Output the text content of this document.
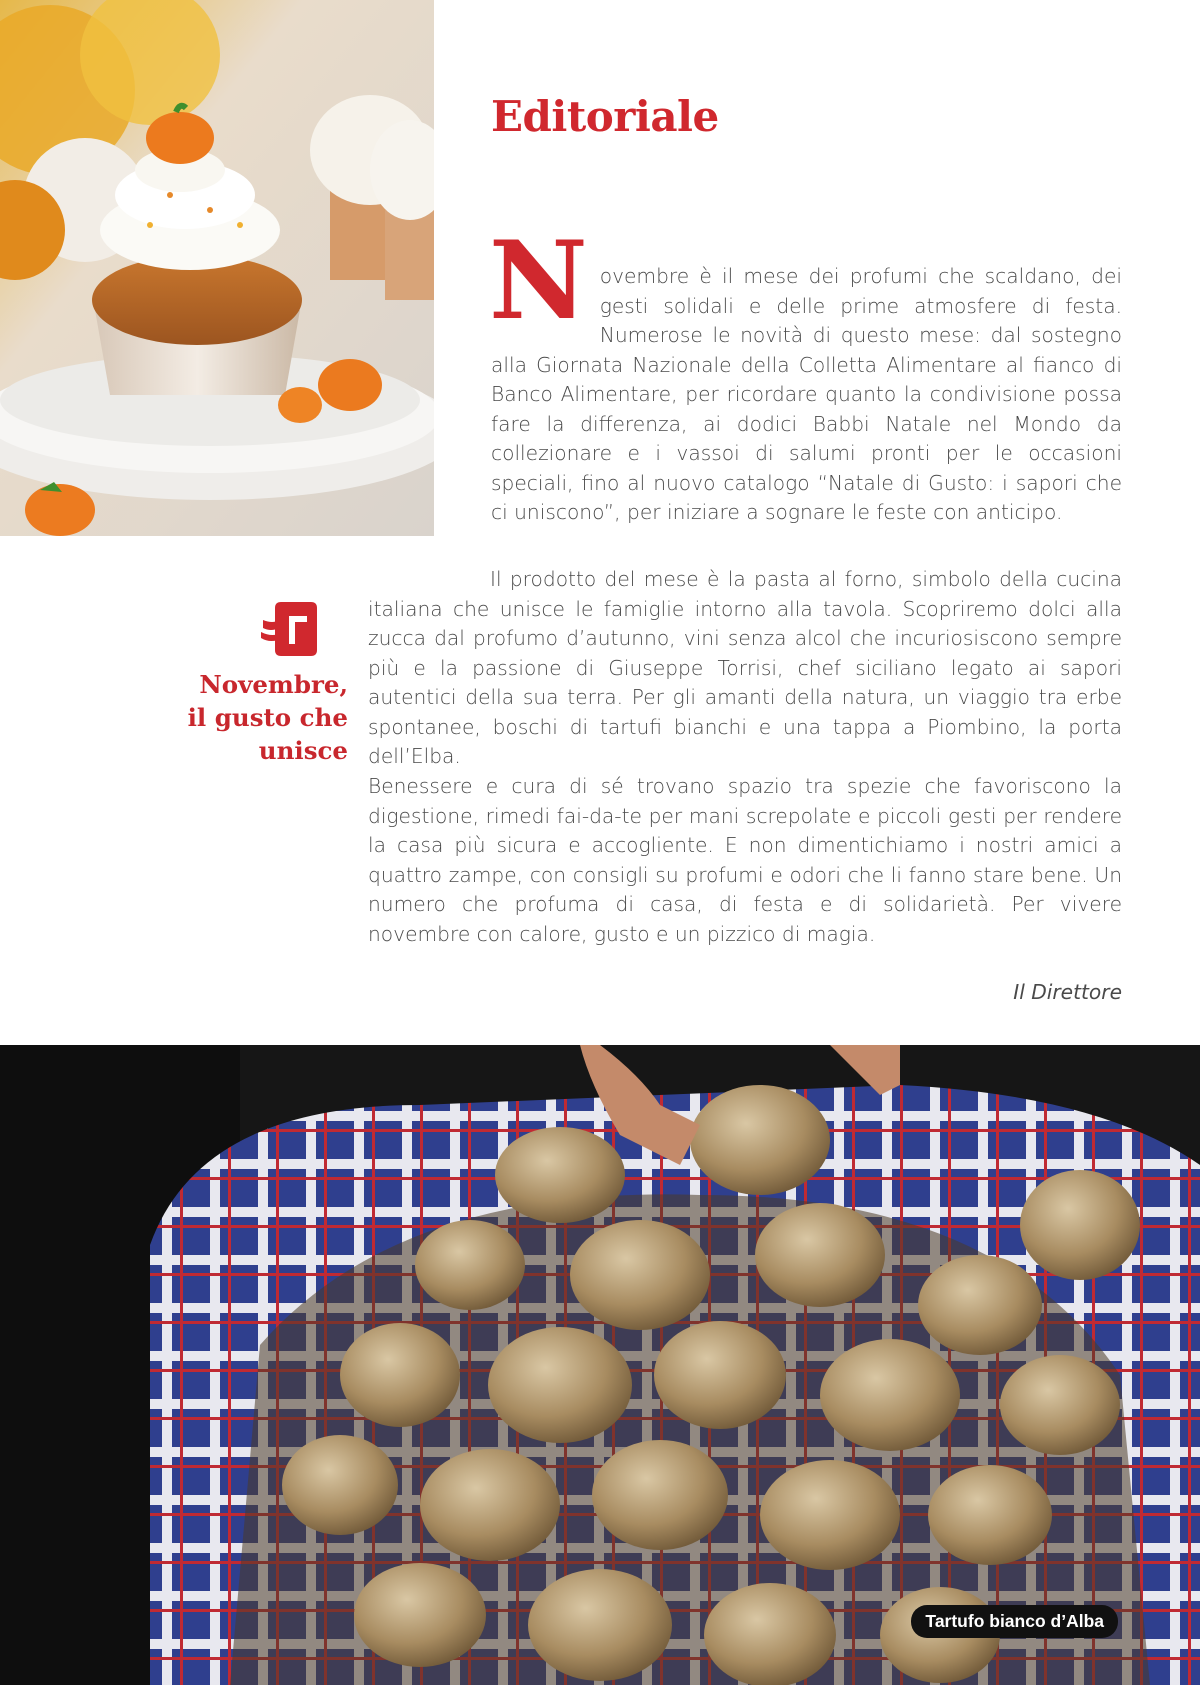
Editoriale

Novembre è il mese dei profumi che scaldano, dei gesti solidali e delle prime atmosfere di festa. Numerose le novità di questo mese: dal sostegno alla Giornata Nazionale della Colletta Alimentare al fianco di Banco Alimentare, per ricordare quanto la condivisione possa fare la differenza, ai dodici Babbi Natale nel Mondo da collezionare e i vassoi di salumi pronti per le occasioni speciali, fino al nuovo catalogo “Natale di Gusto: i sapori che ci uniscono”, per iniziare a sognare le feste con anticipo.

Novembre,
il gusto che
unisce

Il prodotto del mese è la pasta al forno, simbolo della cucina italiana che unisce le famiglie intorno alla tavola. Scopriremo dolci alla zucca dal profumo d’autunno, vini senza alcol che incuriosiscono sempre più e la passione di Giuseppe Torrisi, chef siciliano legato ai sapori autentici della sua terra. Per gli amanti della natura, un viaggio tra erbe spontanee, boschi di tartufi bianchi e una tappa a Piombino, la porta dell’Elba.

Benessere e cura di sé trovano spazio tra spezie che favoriscono la digestione, rimedi fai-da-te per mani screpolate e piccoli gesti per rendere la casa più sicura e accogliente. E non dimentichiamo i nostri amici a quattro zampe, con consigli su profumi e odori che li fanno stare bene. Un numero che profuma di casa, di festa e di solidarietà. Per vivere novembre con calore, gusto e un pizzico di magia.

Il Direttore

Tartufo bianco d’Alba
